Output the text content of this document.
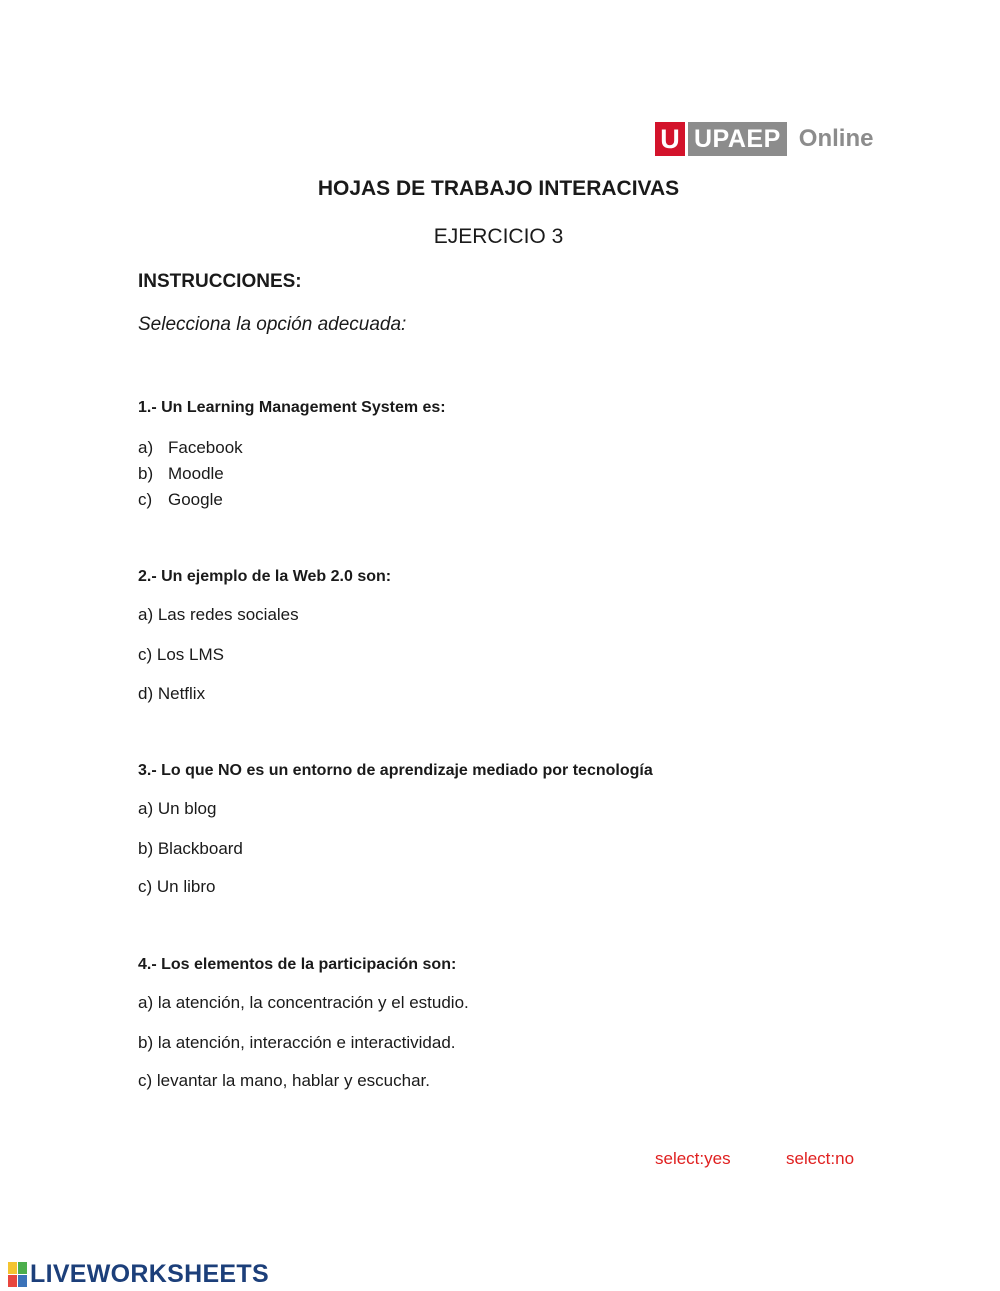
U UPAEP Online
HOJAS DE TRABAJO INTERACIVAS
EJERCICIO 3
INSTRUCCIONES:
Selecciona la opción adecuada:
1.- Un Learning Management System es:
a) Facebook
b) Moodle
c) Google
2.- Un ejemplo de la Web 2.0 son:
a) Las redes sociales
c) Los LMS
d) Netflix
3.- Lo que NO es un entorno de aprendizaje mediado por tecnología
a) Un blog
b) Blackboard
c) Un libro
4.- Los elementos de la participación son:
a) la atención, la concentración y el estudio.
b) la atención, interacción e interactividad.
c) levantar la mano, hablar y escuchar.
select:yes	select:no
LIVEWORKSHEETS
